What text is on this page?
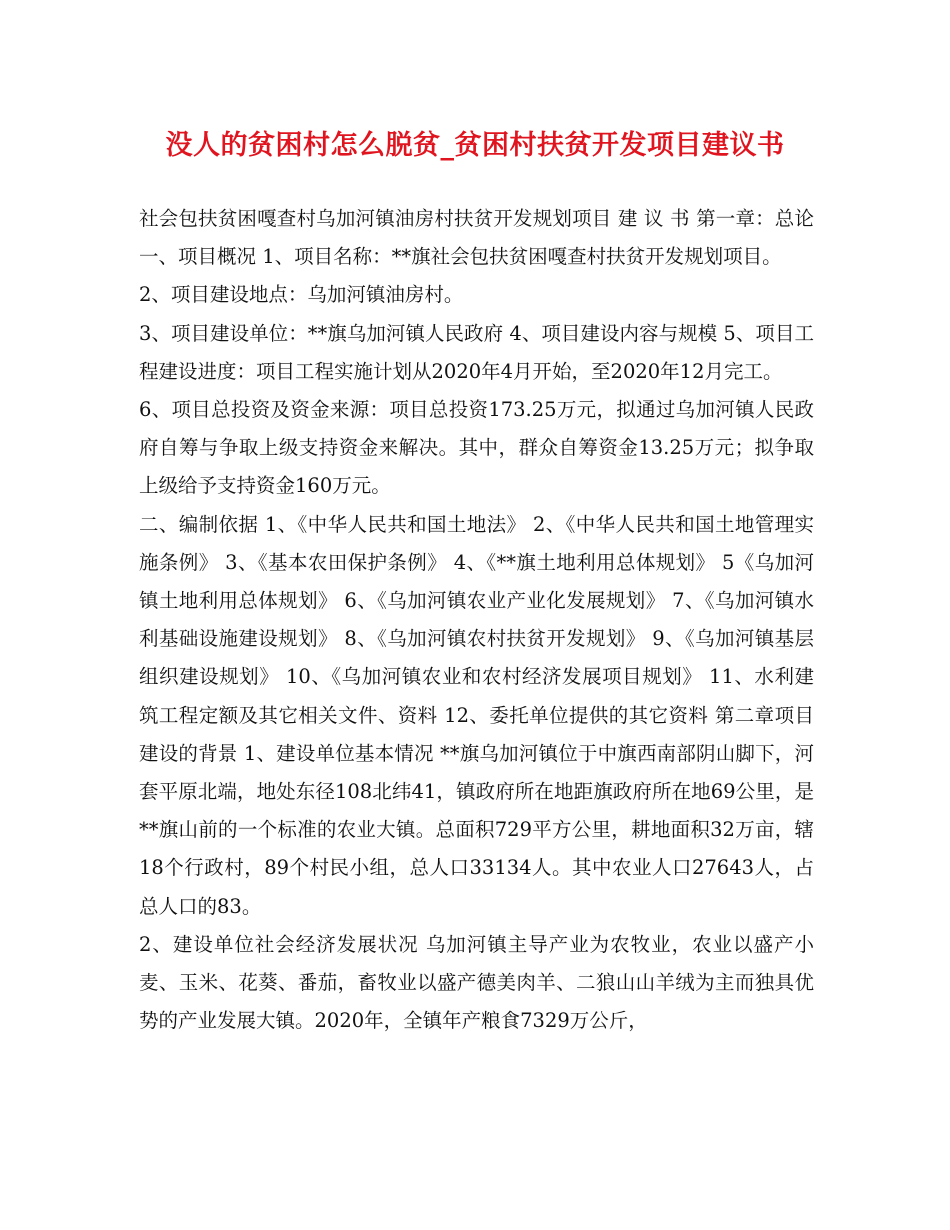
没人的贫困村怎么脱贫_贫困村扶贫开发项目建议书

社会包扶贫困嘎查村乌加河镇油房村扶贫开发规划项目 建 议 书 第一章：总论 一、项目概况 1、项目名称：**旗社会包扶贫困嘎查村扶贫开发规划项目。

2、项目建设地点：乌加河镇油房村。

3、项目建设单位：**旗乌加河镇人民政府 4、项目建设内容与规模 5、项目工程建设进度：项目工程实施计划从2020年4月开始，至2020年12月完工。

6、项目总投资及资金来源：项目总投资173.25万元，拟通过乌加河镇人民政府自筹与争取上级支持资金来解决。其中，群众自筹资金13.25万元；拟争取上级给予支持资金160万元。

二、编制依据 1、《中华人民共和国土地法》 2、《中华人民共和国土地管理实施条例》 3、《基本农田保护条例》 4、《**旗土地利用总体规划》 5《乌加河镇土地利用总体规划》 6、《乌加河镇农业产业化发展规划》 7、《乌加河镇水利基础设施建设规划》 8、《乌加河镇农村扶贫开发规划》 9、《乌加河镇基层组织建设规划》 10、《乌加河镇农业和农村经济发展项目规划》 11、水利建筑工程定额及其它相关文件、资料 12、委托单位提供的其它资料 第二章项目建设的背景 1、建设单位基本情况 **旗乌加河镇位于中旗西南部阴山脚下，河套平原北端，地处东径108北纬41，镇政府所在地距旗政府所在地69公里，是**旗山前的一个标准的农业大镇。总面积729平方公里，耕地面积32万亩，辖18个行政村，89个村民小组，总人口33134人。其中农业人口27643人，占总人口的83。

2、建设单位社会经济发展状况 乌加河镇主导产业为农牧业，农业以盛产小麦、玉米、花葵、番茄，畜牧业以盛产德美肉羊、二狼山山羊绒为主而独具优势的产业发展大镇。2020年，全镇年产粮食7329万公斤，
